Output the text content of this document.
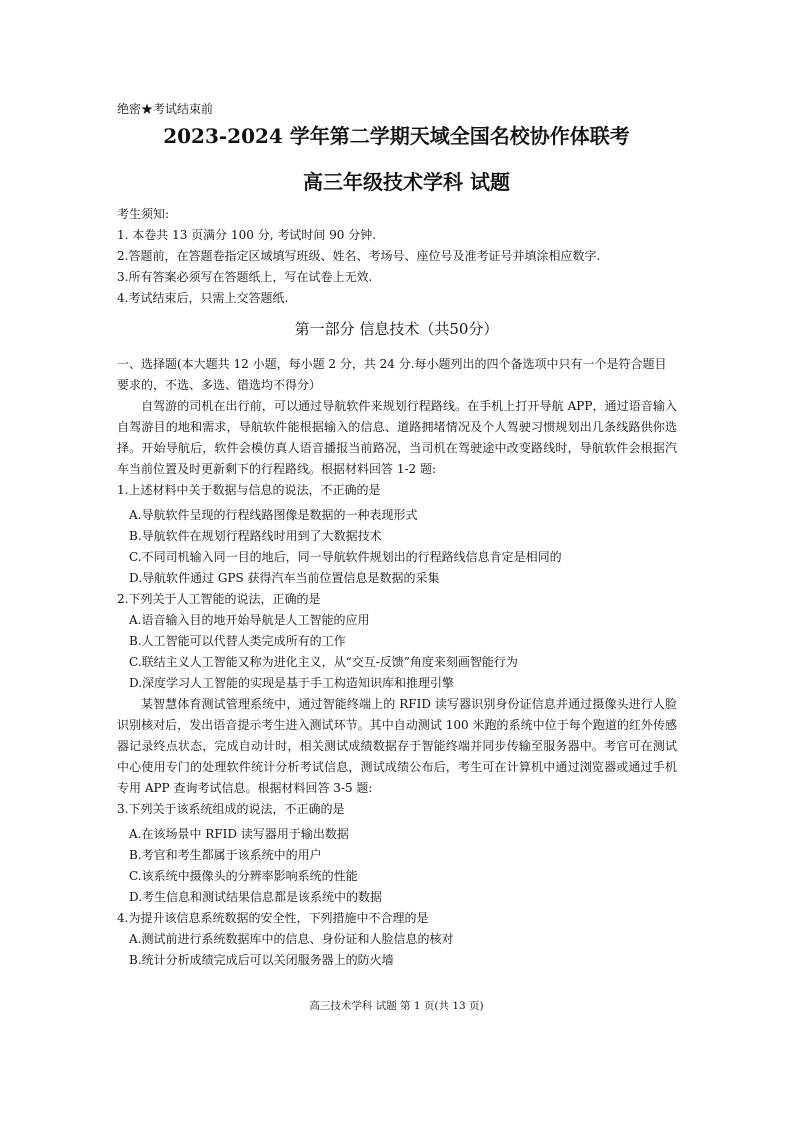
绝密★考试结束前
2023-2024 学年第二学期天域全国名校协作体联考
高三年级技术学科 试题

考生须知:

1. 本卷共 13 页满分 100 分, 考试时间 90 分钟.

2.答题前，在答题卷指定区域填写班级、姓名、考场号、座位号及准考证号并填涂相应数字.

3.所有答案必须写在答题纸上，写在试卷上无效.

4.考试结束后，只需上交答题纸.

第一部分 信息技术（共50分）

一、选择题(本大题共 12 小题，每小题 2 分，共 24 分.每小题列出的四个备选项中只有一个是符合题目要求的，不选、多选、错选均不得分）

自驾游的司机在出行前，可以通过导航软件来规划行程路线。在手机上打开导航 APP，通过语音输入自驾游目的地和需求，导航软件能根据输入的信息、道路拥堵情况及个人驾驶习惯规划出几条线路供你选择。开始导航后，软件会模仿真人语音播报当前路况，当司机在驾驶途中改变路线时，导航软件会根据汽车当前位置及时更新剩下的行程路线。根据材料回答 1-2 题:

1.上述材料中关于数据与信息的说法，不正确的是

A.导航软件呈现的行程线路图像是数据的一种表现形式

B.导航软件在规划行程路线时用到了大数据技术

C.不同司机输入同一目的地后，同一导航软件规划出的行程路线信息肯定是相同的

D.导航软件通过 GPS 获得汽车当前位置信息是数据的采集

2.下列关于人工智能的说法，正确的是

A.语音输入目的地开始导航是人工智能的应用

B.人工智能可以代替人类完成所有的工作

C.联结主义人工智能又称为进化主义，从“交互-反馈”角度来刻画智能行为

D.深度学习人工智能的实现是基于手工构造知识库和推理引擎

某智慧体育测试管理系统中，通过智能终端上的 RFID 读写器识别身份证信息并通过摄像头进行人脸识别核对后，发出语音提示考生进入测试环节。其中自动测试 100 米跑的系统中位于每个跑道的红外传感器记录终点状态，完成自动计时，相关测试成绩数据存于智能终端并同步传输至服务器中。考官可在测试中心使用专门的处理软件统计分析考试信息，测试成绩公布后，考生可在计算机中通过浏览器或通过手机专用 APP 查询考试信息。根据材料回答 3-5 题:

3.下列关于该系统组成的说法，不正确的是

A.在该场景中 RFID 读写器用于输出数据

B.考官和考生都属于该系统中的用户

C.该系统中摄像头的分辨率影响系统的性能

D.考生信息和测试结果信息都是该系统中的数据

4.为提升该信息系统数据的安全性，下列措施中不合理的是

A.测试前进行系统数据库中的信息、身份证和人脸信息的核对

B.统计分析成绩完成后可以关闭服务器上的防火墙

高三技术学科 试题 第 1 页(共 13 页)
